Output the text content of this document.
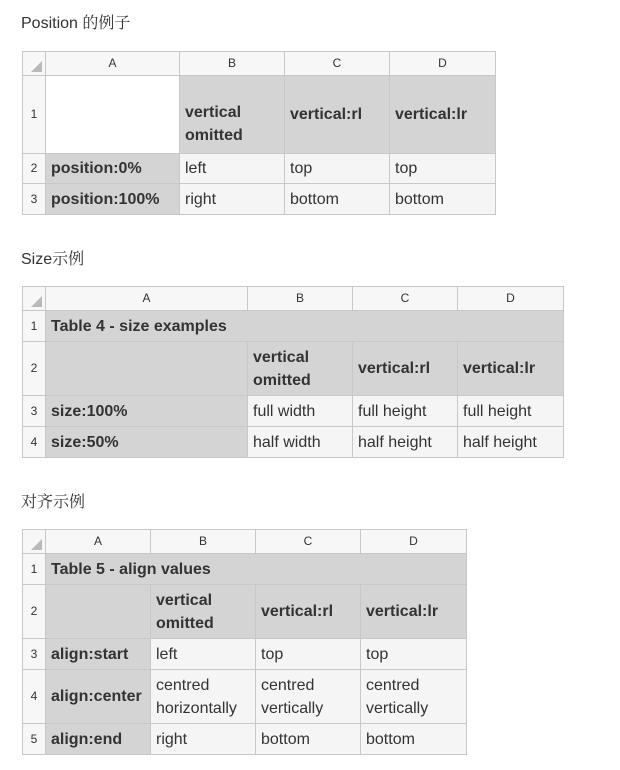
Position 的例子
	A	B	C	D
1		vertical omitted	vertical:rl	vertical:lr
2	position:0%	left	top	top
3	position:100%	right	bottom	bottom
Size示例
	A	B	C	D
1	Table 4 - size examples			
2		vertical omitted	vertical:rl	vertical:lr
3	size:100%	full width	full height	full height
4	size:50%	half width	half height	half height
对齐示例
	A	B	C	D
1	Table 5 - align values			
2		vertical omitted	vertical:rl	vertical:lr
3	align:start	left	top	top
4	align:center	centred horizontally	centred vertically	centred vertically
5	align:end	right	bottom	bottom
